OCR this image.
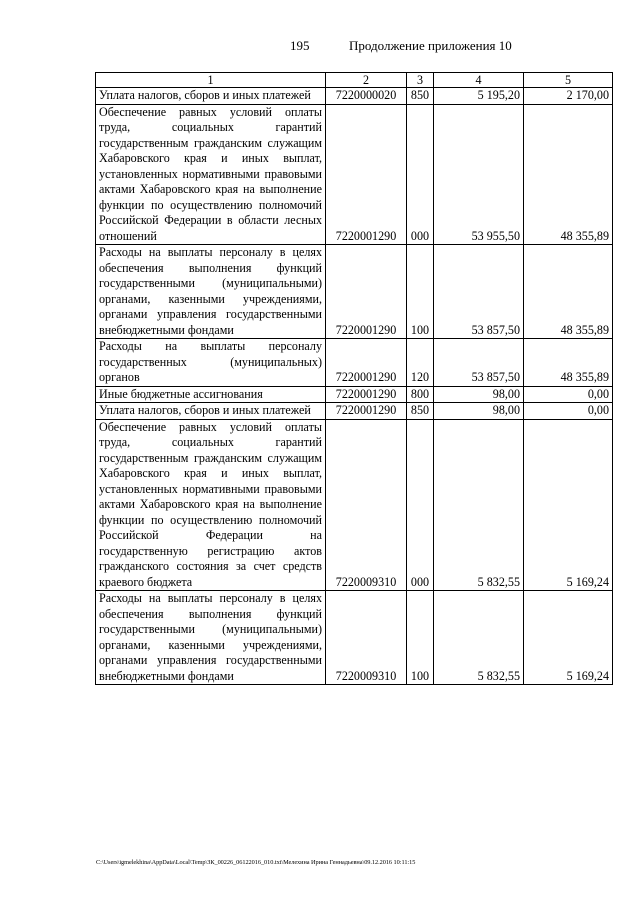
195	Продолжение приложения 10
1	2	3	4	5
Уплата налогов, сборов и иных платежей	7220000020	850	5 195,20	2 170,00
Обеспечение равных условий оплаты труда, социальных гарантий государственным гражданским служащим Хабаровского края и иных выплат, установленных нормативными правовыми актами Хабаровского края на выполнение функции по осуществлению полномочий Российской Федерации в области лесных отношений	7220001290	000	53 955,50	48 355,89
Расходы на выплаты персоналу в целях обеспечения выполнения функций государственными (муниципальными) органами, казенными учреждениями, органами управления государственными внебюджетными фондами	7220001290	100	53 857,50	48 355,89
Расходы на выплаты персоналу государственных (муниципальных) органов	7220001290	120	53 857,50	48 355,89
Иные бюджетные ассигнования	7220001290	800	98,00	0,00
Уплата налогов, сборов и иных платежей	7220001290	850	98,00	0,00
Обеспечение равных условий оплаты труда, социальных гарантий государственным гражданским служащим Хабаровского края и иных выплат, установленных нормативными правовыми актами Хабаровского края на выполнение функции по осуществлению полномочий Российской Федерации на государственную регистрацию актов гражданского состояния за счет средств краевого бюджета	7220009310	000	5 832,55	5 169,24
Расходы на выплаты персоналу в целях обеспечения выполнения функций государственными (муниципальными) органами, казенными учреждениями, органами управления государственными внебюджетными фондами	7220009310	100	5 832,55	5 169,24
C:\Users\igmelekhina\AppData\Local\Temp\ЗК_00226_06122016_010.txt\Мелехина Ирина Геннадьевна\09.12.2016 10:11:15
